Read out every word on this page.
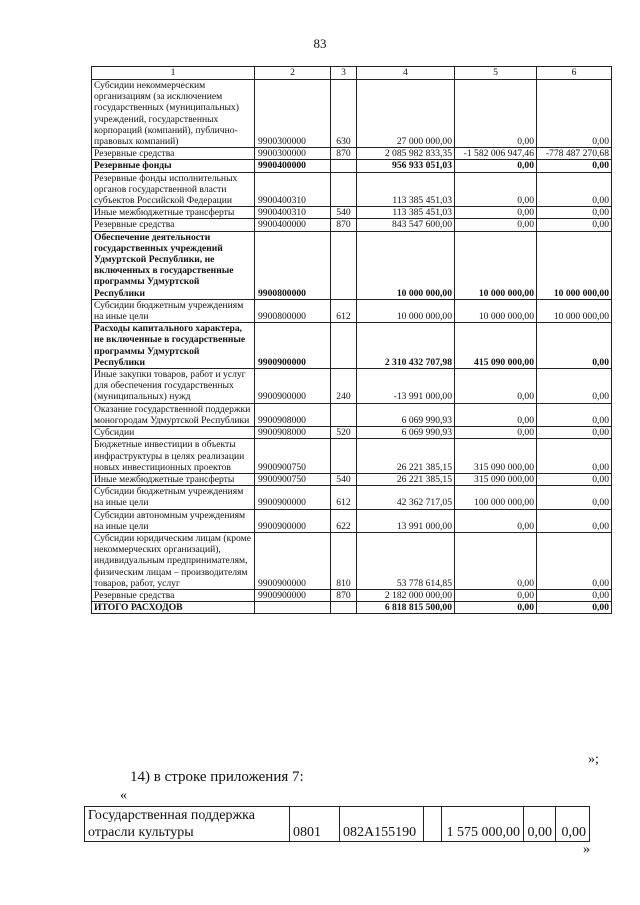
83
1	2	3	4	5	6
Субсидии некоммерческим организациям (за исключением государственных (муниципальных) учреждений, государственных корпораций (компаний), публично-правовых компаний)	9900300000	630	27 000 000,00	0,00	0,00
Резервные средства	9900300000	870	2 085 982 833,35	-1 582 006 947,46	-778 487 270,68
Резервные фонды	9900400000		956 933 051,03	0,00	0,00
Резервные фонды исполнительных органов государственной власти субъектов Российской Федерации	9900400310		113 385 451,03	0,00	0,00
Иные межбюджетные трансферты	9900400310	540	113 385 451,03	0,00	0,00
Резервные средства	9900400000	870	843 547 600,00	0,00	0,00
Обеспечение деятельности государственных учреждений Удмуртской Республики, не включенных в государственные программы Удмуртской Республики	9900800000		10 000 000,00	10 000 000,00	10 000 000,00
Субсидии бюджетным учреждениям на иные цели	9900800000	612	10 000 000,00	10 000 000,00	10 000 000,00
Расходы капитального характера, не включенные в государственные программы Удмуртской Республики	9900900000		2 310 432 707,98	415 090 000,00	0,00
Иные закупки товаров, работ и услуг для обеспечения государственных (муниципальных) нужд	9900900000	240	-13 991 000,00	0,00	0,00
Оказание государственной поддержки моногородам Удмуртской Республики	9900908000		6 069 990,93	0,00	0,00
Субсидии	9900908000	520	6 069 990,93	0,00	0,00
Бюджетные инвестиции в объекты инфраструктуры в целях реализации новых инвестиционных проектов	9900900750		26 221 385,15	315 090 000,00	0,00
Иные межбюджетные трансферты	9900900750	540	26 221 385,15	315 090 000,00	0,00
Субсидии бюджетным учреждениям на иные цели	9900900000	612	42 362 717,05	100 000 000,00	0,00
Субсидии автономным учреждениям на иные цели	9900900000	622	13 991 000,00	0,00	0,00
Субсидии юридическим лицам (кроме некоммерческих организаций), индивидуальным предпринимателям, физическим лицам – производителям товаров, работ, услуг	9900900000	810	53 778 614,85	0,00	0,00
Резервные средства	9900900000	870	2 182 000 000,00	0,00	0,00
ИТОГО РАСХОДОВ			6 818 815 500,00	0,00	0,00
»;
14) в строке приложения 7:
«
Государственная поддержка отрасли культуры	0801	082А155190		1 575 000,00	0,00	0,00
»
